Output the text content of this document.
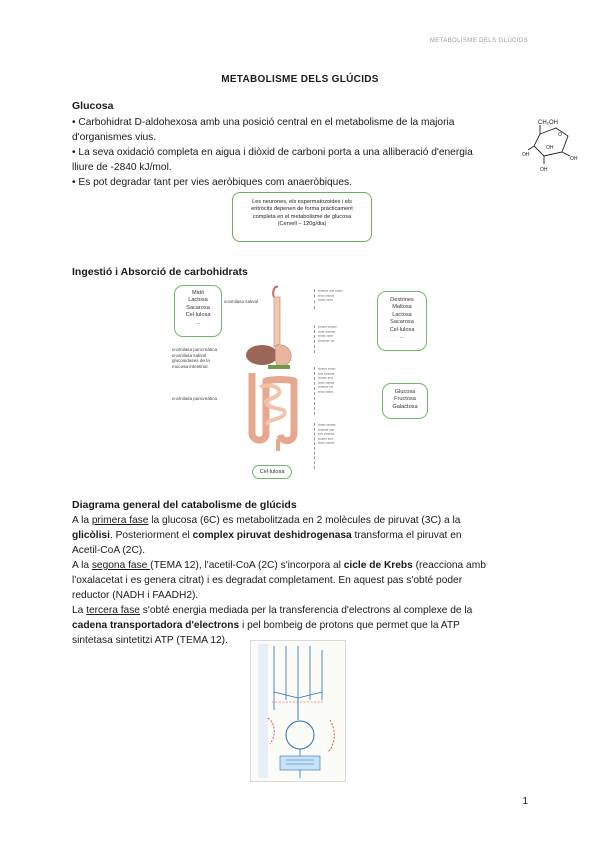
METABOLISME DELS GLÚCIDS
METABOLISME DELS GLÚCIDS
Glucosa
• Carbohidrat D-aldohexosa amb una posició central en el metabolisme de la majoria
d'organismes vius.
• La seva oxidació completa en aigua i diòxid de carboni porta a una alliberació d'energia
lliure de -2840 kJ/mol.
• Es pot degradar tant per vies aeròbiques com anaeròbiques.
CH₂OH
O
OH
OH
OH
OH
Les neurones, els espermatozoides i els
eritròcits depenen de forma pràcticament
completa en el metabolisme de glucosa
(Cervell – 120g/dia)
Ingestió i Absorció de carbohidrats
Midó
Lactosa
Sacarosa
Cel·lulosa
...
Dextrines
Maltosa
Lactosa
Sacarosa
Cel·lulosa
...
Glucosa
Fructosa
Galactosa
α-amilasa salival
α-amilasa pancreàtica
α-amilasa salival
glucosidases de la
mucosa intestinal
α-amilasa pancreàtica
▪▪▪▪▪▪▪▪ ▪▪▪▪ ▪▪▪▪▪▪
▪▪▪▪▪ ▪▪▪▪▪▪▪
▪▪▪▪▪▪ ▪▪▪▪▪
▪▪▪▪▪▪▪ ▪▪▪▪▪▪▪
▪▪▪▪▪ ▪▪▪▪▪▪▪▪
▪▪▪▪▪▪ ▪▪▪▪▪
▪▪▪▪▪▪▪▪▪ ▪▪▪
▪▪▪▪▪▪▪ ▪▪▪▪▪▪
▪▪▪▪ ▪▪▪▪▪▪▪▪
▪▪▪▪▪▪▪ ▪▪▪▪
▪▪▪▪▪ ▪▪▪▪▪▪▪
▪▪▪▪▪▪▪▪ ▪▪▪
▪▪▪▪▪ ▪▪▪▪▪▪
▪▪▪▪▪▪ ▪▪▪▪▪▪▪
▪▪▪▪▪▪▪▪ ▪▪▪▪
▪▪▪▪ ▪▪▪▪▪▪▪▪
▪▪▪▪▪▪▪ ▪▪▪▪
▪▪▪▪▪ ▪▪▪▪▪▪▪
Cel·lulosa
Diagrama general del catabolisme de glúcids
A la primera fase la glucosa (6C) es metabolitzada en 2 molècules de piruvat (3C) a la
glicòlisi. Posteriorment el complex piruvat deshidrogenasa transforma el piruvat en
Acetil-CoA (2C).
A la segona fase (TEMA 12), l'acetil-CoA (2C) s'incorpora al cicle de Krebs (reacciona amb
l'oxalacetat i es genera citrat) i es degradat completament. En aquest pas s'obté poder
reductor (NADH i FAADH2).
La tercera fase s'obté energia mediada per la transferencia d'electrons al complexe de la
cadena transportadora d'electrons i pel bombeig de protons que permet que la ATP
sintetasa sintetitzi ATP (TEMA 12).
1
